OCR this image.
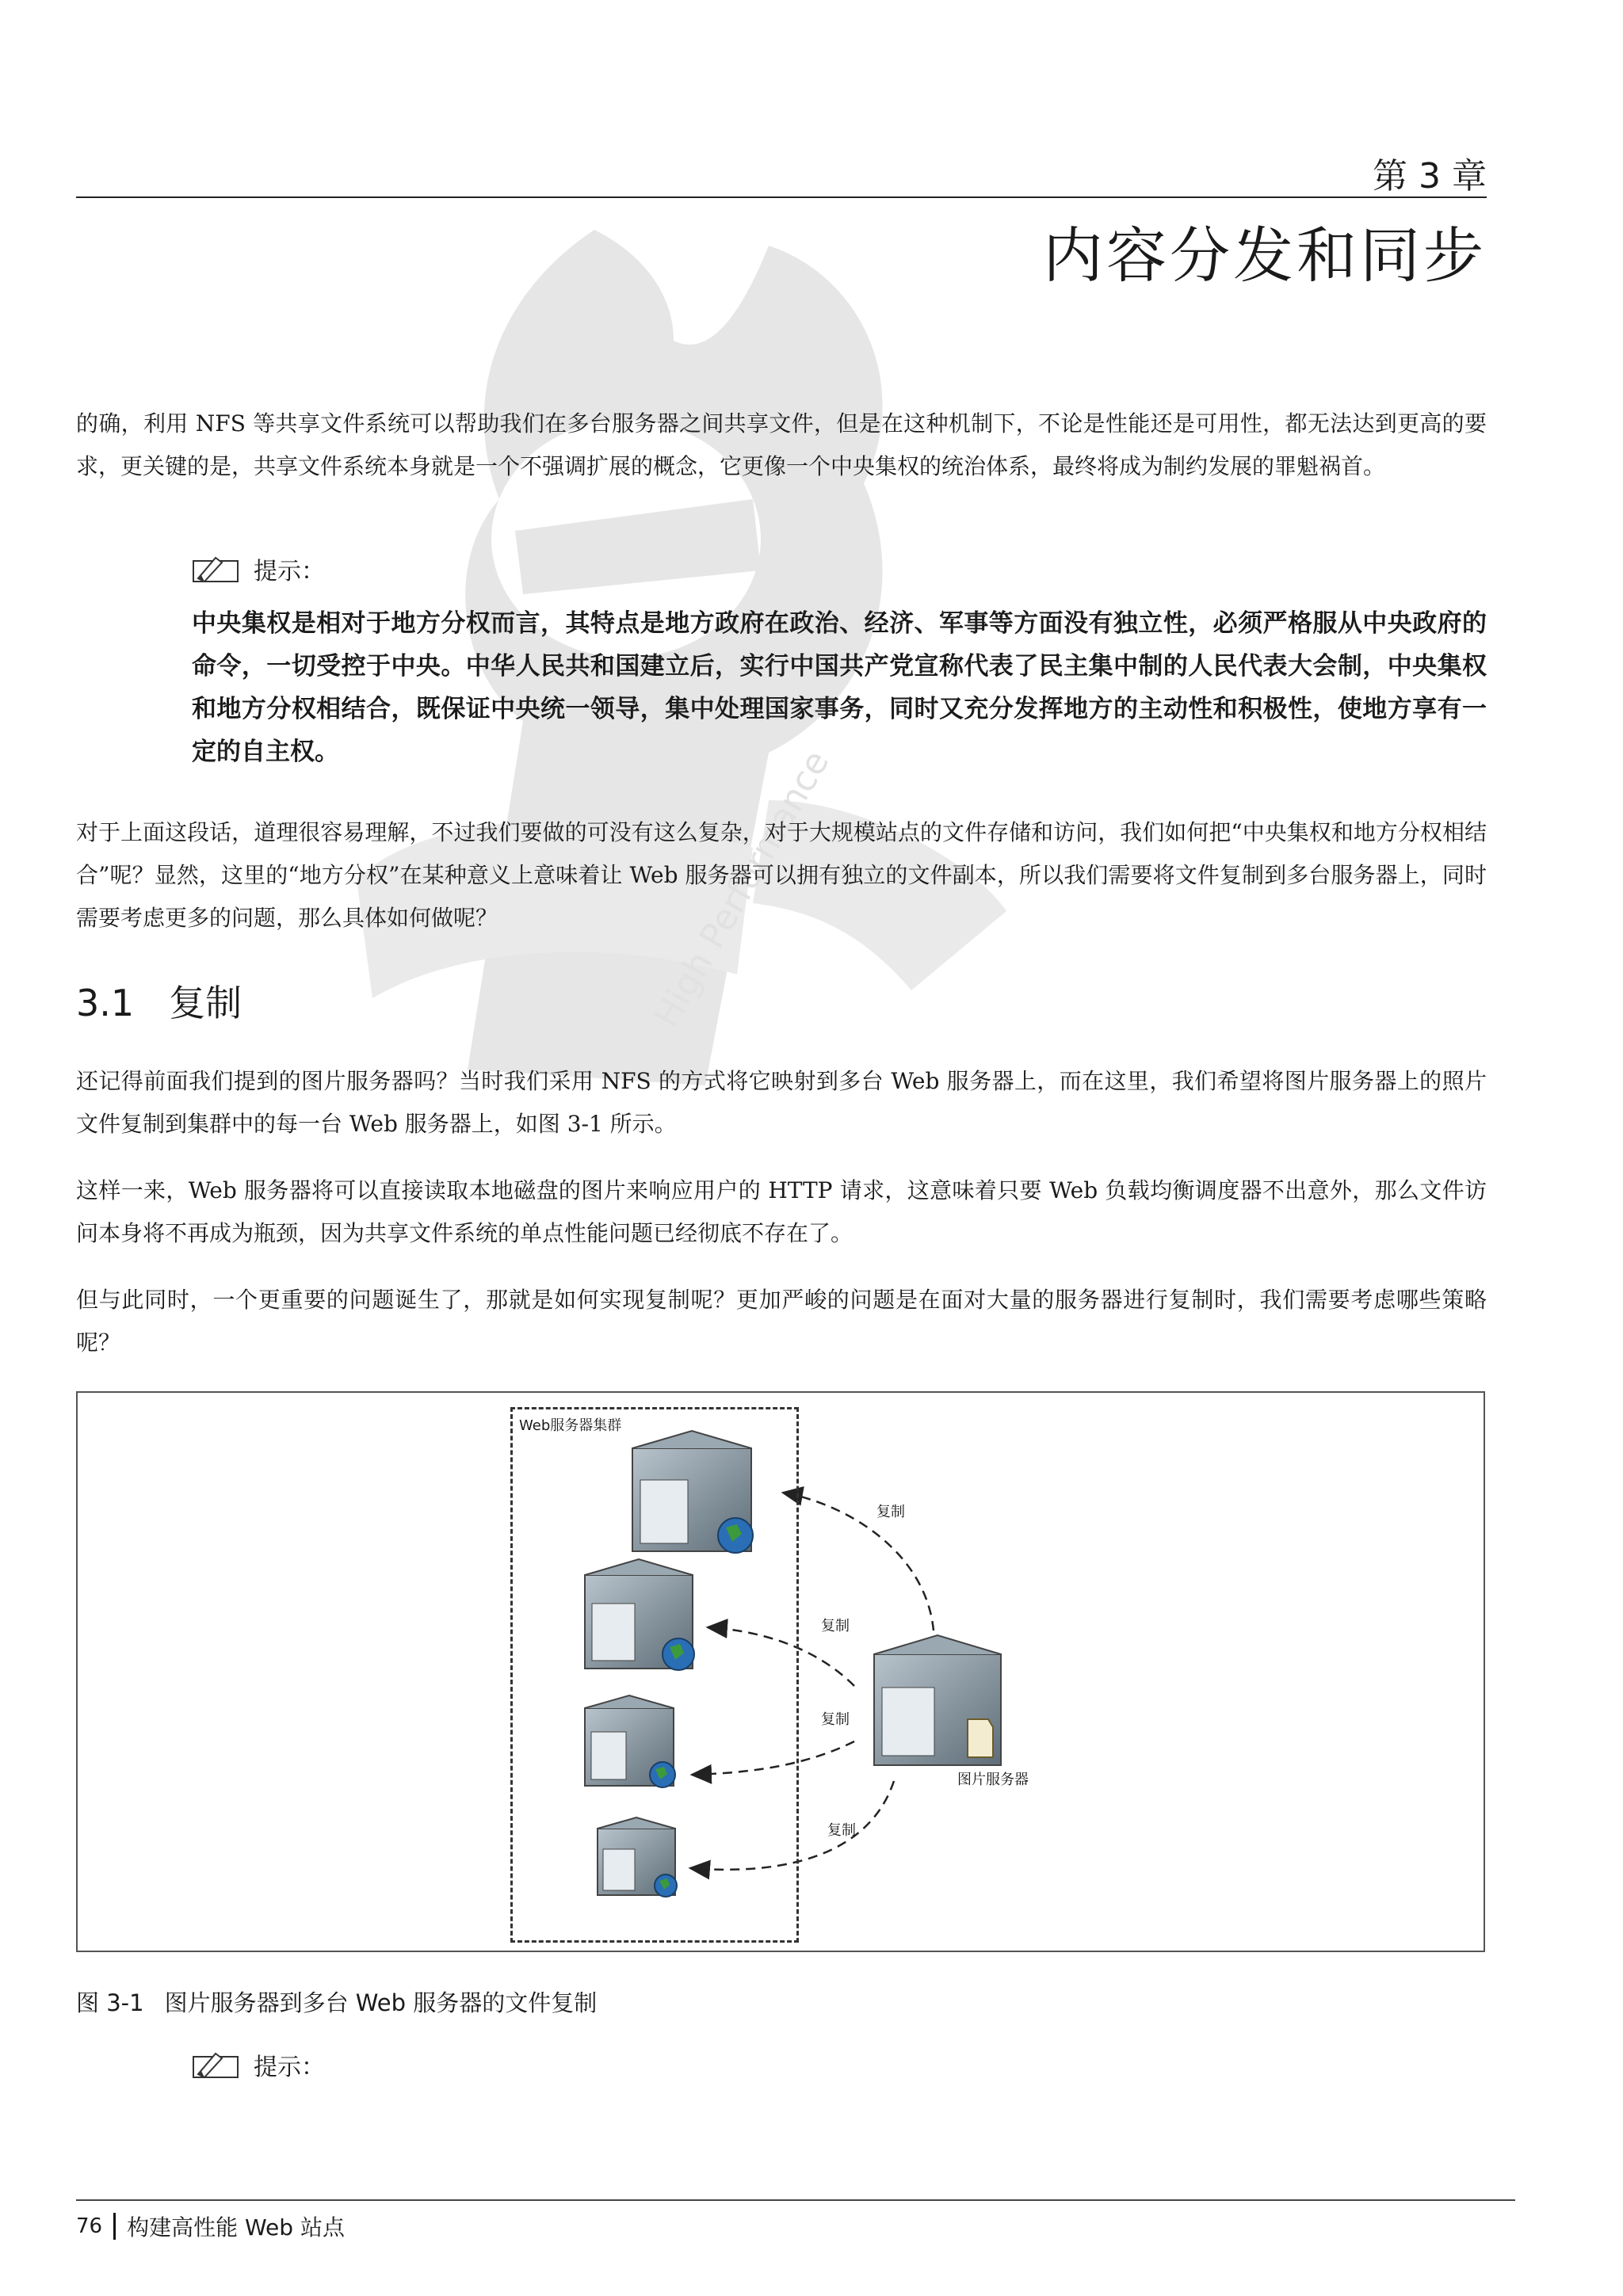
High Performance
第 3 章
内容分发和同步
的确，利用 NFS 等共享文件系统可以帮助我们在多台服务器之间共享文件，但是在这种机制下，不论是性能还是可用性，都无法达到更高的要求，更关键的是，共享文件系统本身就是一个不强调扩展的概念，它更像一个中央集权的统治体系，最终将成为制约发展的罪魁祸首。
提示：
中央集权是相对于地方分权而言，其特点是地方政府在政治、经济、军事等方面没有独立性，必须严格服从中央政府的命令，一切受控于中央。中华人民共和国建立后，实行中国共产党宣称代表了民主集中制的人民代表大会制，中央集权和地方分权相结合，既保证中央统一领导，集中处理国家事务，同时又充分发挥地方的主动性和积极性，使地方享有一定的自主权。
对于上面这段话，道理很容易理解，不过我们要做的可没有这么复杂，对于大规模站点的文件存储和访问，我们如何把“中央集权和地方分权相结合”呢？显然，这里的“地方分权”在某种意义上意味着让 Web 服务器可以拥有独立的文件副本，所以我们需要将文件复制到多台服务器上，同时需要考虑更多的问题，那么具体如何做呢？
3.1 复制
还记得前面我们提到的图片服务器吗？当时我们采用 NFS 的方式将它映射到多台 Web 服务器上，而在这里，我们希望将图片服务器上的照片文件复制到集群中的每一台 Web 服务器上，如图 3-1 所示。
这样一来，Web 服务器将可以直接读取本地磁盘的图片来响应用户的 HTTP 请求，这意味着只要 Web 负载均衡调度器不出意外，那么文件访问本身将不再成为瓶颈，因为共享文件系统的单点性能问题已经彻底不存在了。
但与此同时，一个更重要的问题诞生了，那就是如何实现复制呢？更加严峻的问题是在面对大量的服务器进行复制时，我们需要考虑哪些策略呢？
图片服务器
复制
复制
复制
复制
Web服务器集群
图 3-1 图片服务器到多台 Web 服务器的文件复制
提示：
76 构建高性能 Web 站点
